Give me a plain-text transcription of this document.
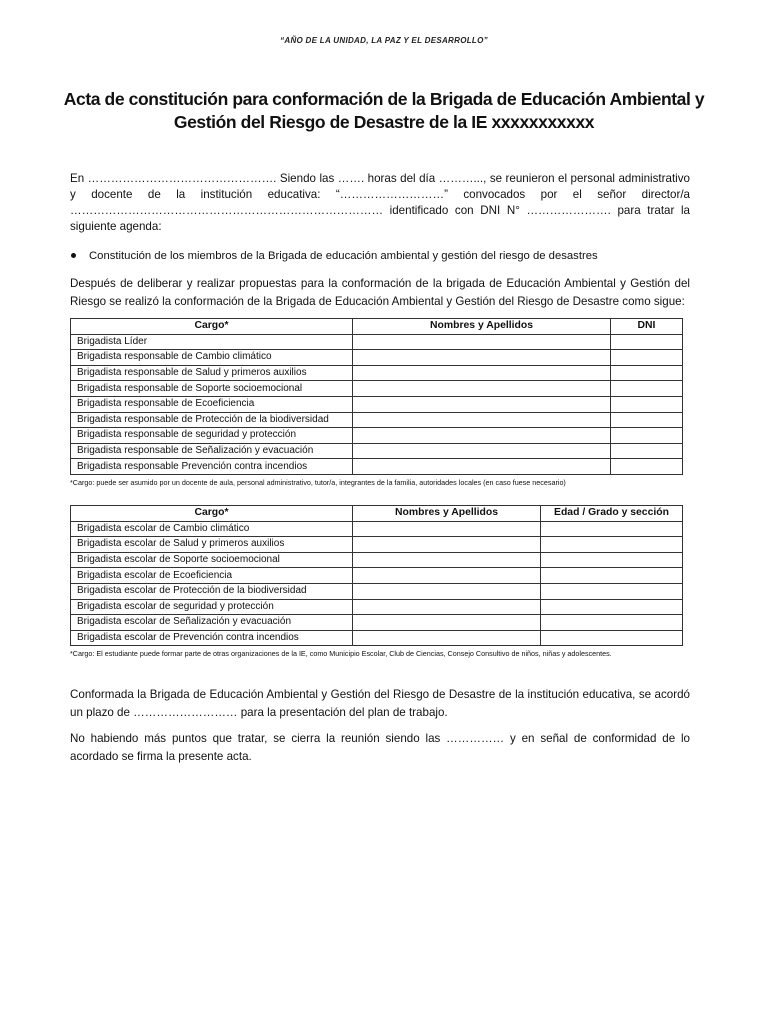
“AÑO DE LA UNIDAD, LA PAZ Y EL DESARROLLO”
Acta de constitución para conformación de la Brigada de Educación Ambiental y
Gestión del Riesgo de Desastre de la IE xxxxxxxxxxx

En …………………………………………. Siendo las ……. horas del día ………..., se reunieron el personal administrativo y docente de la institución educativa: “………………………” convocados por el señor director/a ……………………………………………………………………… identificado con DNI N° …………………. para tratar la siguiente agenda:

Constitución de los miembros de la Brigada de educación ambiental y gestión del riesgo de desastres

Después de deliberar y realizar propuestas para la conformación de la brigada de Educación Ambiental y Gestión del Riesgo se realizó la conformación de la Brigada de Educación Ambiental y Gestión del Riesgo de Desastre como sigue:

Cargo*	Nombres y Apellidos	DNI
Brigadista Líder		
Brigadista responsable de Cambio climático		
Brigadista responsable de Salud y primeros auxilios		
Brigadista responsable de Soporte socioemocional		
Brigadista responsable de Ecoeficiencia		
Brigadista responsable de Protección de la biodiversidad		
Brigadista responsable de seguridad y protección		
Brigadista responsable de Señalización y evacuación		
Brigadista responsable Prevención contra incendios		

*Cargo: puede ser asumido por un docente de aula, personal administrativo, tutor/a, integrantes de la familia, autoridades locales (en caso fuese necesario)

Cargo*	Nombres y Apellidos	Edad / Grado y sección
Brigadista escolar de Cambio climático		
Brigadista escolar de Salud y primeros auxilios		
Brigadista escolar de Soporte socioemocional		
Brigadista escolar de Ecoeficiencia		
Brigadista escolar de Protección de la biodiversidad		
Brigadista escolar de seguridad y protección		
Brigadista escolar de Señalización y evacuación		
Brigadista escolar de Prevención contra incendios		

*Cargo: El estudiante puede formar parte de otras organizaciones de la IE, como Municipio Escolar, Club de Ciencias, Consejo Consultivo de niños, niñas y adolescentes.

Conformada la Brigada de Educación Ambiental y Gestión del Riesgo de Desastre de la institución educativa, se acordó un plazo de ……………………… para la presentación del plan de trabajo.

No habiendo más puntos que tratar, se cierra la reunión siendo las …………… y en señal de conformidad de lo acordado se firma la presente acta.
